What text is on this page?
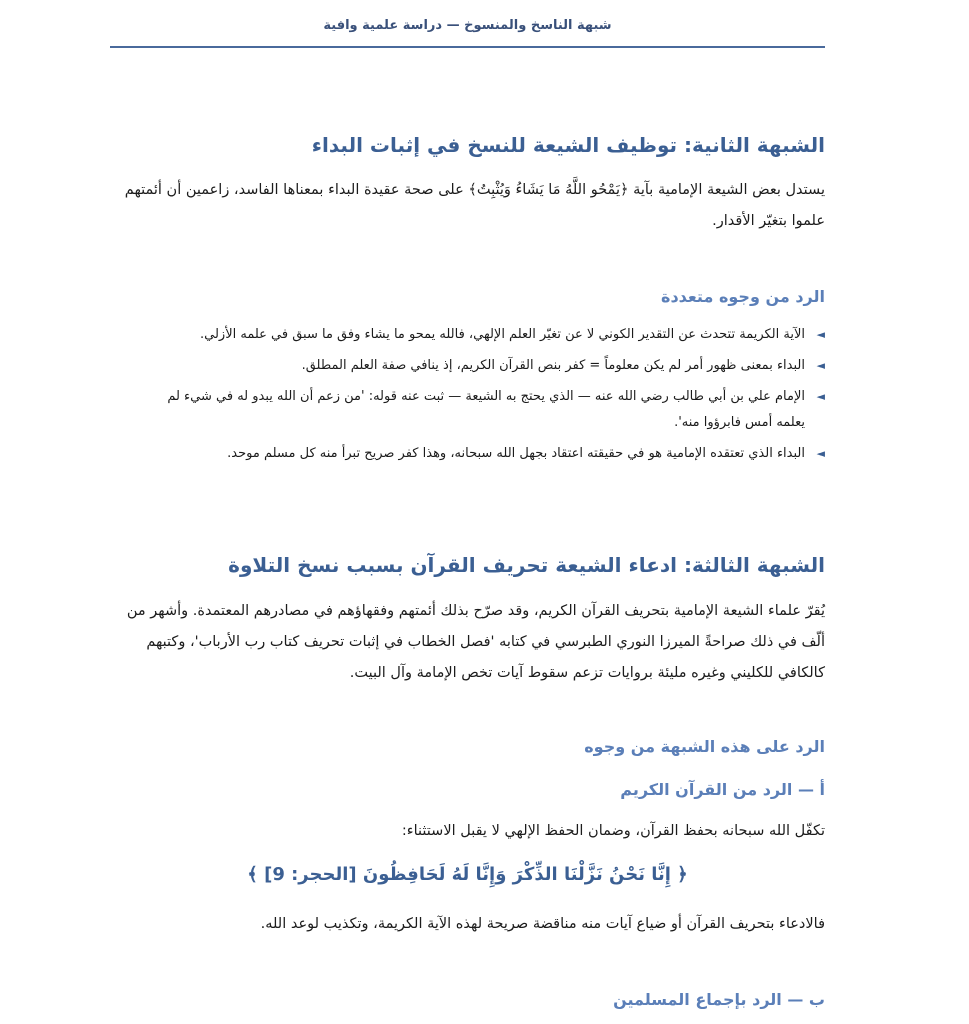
شبهة الناسخ والمنسوخ — دراسة علمية وافية
الشبهة الثانية: توظيف الشيعة للنسخ في إثبات البداء
يستدل بعض الشيعة الإمامية بآية ﴿يَمْحُو اللَّهُ مَا يَشَاءُ وَيُثْبِتُ﴾ على صحة عقيدة البداء بمعناها الفاسد، زاعمين أن أئمتهم علموا بتغيّر الأقدار.
الرد من وجوه متعددة
◄
الآية الكريمة تتحدث عن التقدير الكوني لا عن تغيّر العلم الإلهي، فالله يمحو ما يشاء وفق ما سبق في علمه الأزلي.
◄
البداء بمعنى ظهور أمر لم يكن معلوماً = كفر بنص القرآن الكريم، إذ ينافي صفة العلم المطلق.
◄
الإمام علي بن أبي طالب رضي الله عنه — الذي يحتج به الشيعة — ثبت عنه قوله: 'من زعم أن الله يبدو له في شيء لم يعلمه أمس فابرؤوا منه'.
◄
البداء الذي تعتقده الإمامية هو في حقيقته اعتقاد بجهل الله سبحانه، وهذا كفر صريح تبرأ منه كل مسلم موحد.
الشبهة الثالثة: ادعاء الشيعة تحريف القرآن بسبب نسخ التلاوة
يُقرّ علماء الشيعة الإمامية بتحريف القرآن الكريم، وقد صرّح بذلك أئمتهم وفقهاؤهم في مصادرهم المعتمدة. وأشهر من ألّف في ذلك صراحةً الميرزا النوري الطبرسي في كتابه 'فصل الخطاب في إثبات تحريف كتاب رب الأرباب'، وكتبهم كالكافي للكليني وغيره مليئة بروايات تزعم سقوط آيات تخص الإمامة وآل البيت.
الرد على هذه الشبهة من وجوه
أ — الرد من القرآن الكريم
تكفّل الله سبحانه بحفظ القرآن، وضمان الحفظ الإلهي لا يقبل الاستثناء:
﴿ إِنَّا نَحْنُ نَزَّلْنَا الذِّكْرَ وَإِنَّا لَهُ لَحَافِظُونَ [الحجر: 9] ﴾
فالادعاء بتحريف القرآن أو ضياع آيات منه مناقضة صريحة لهذه الآية الكريمة، وتكذيب لوعد الله.
ب — الرد بإجماع المسلمين
